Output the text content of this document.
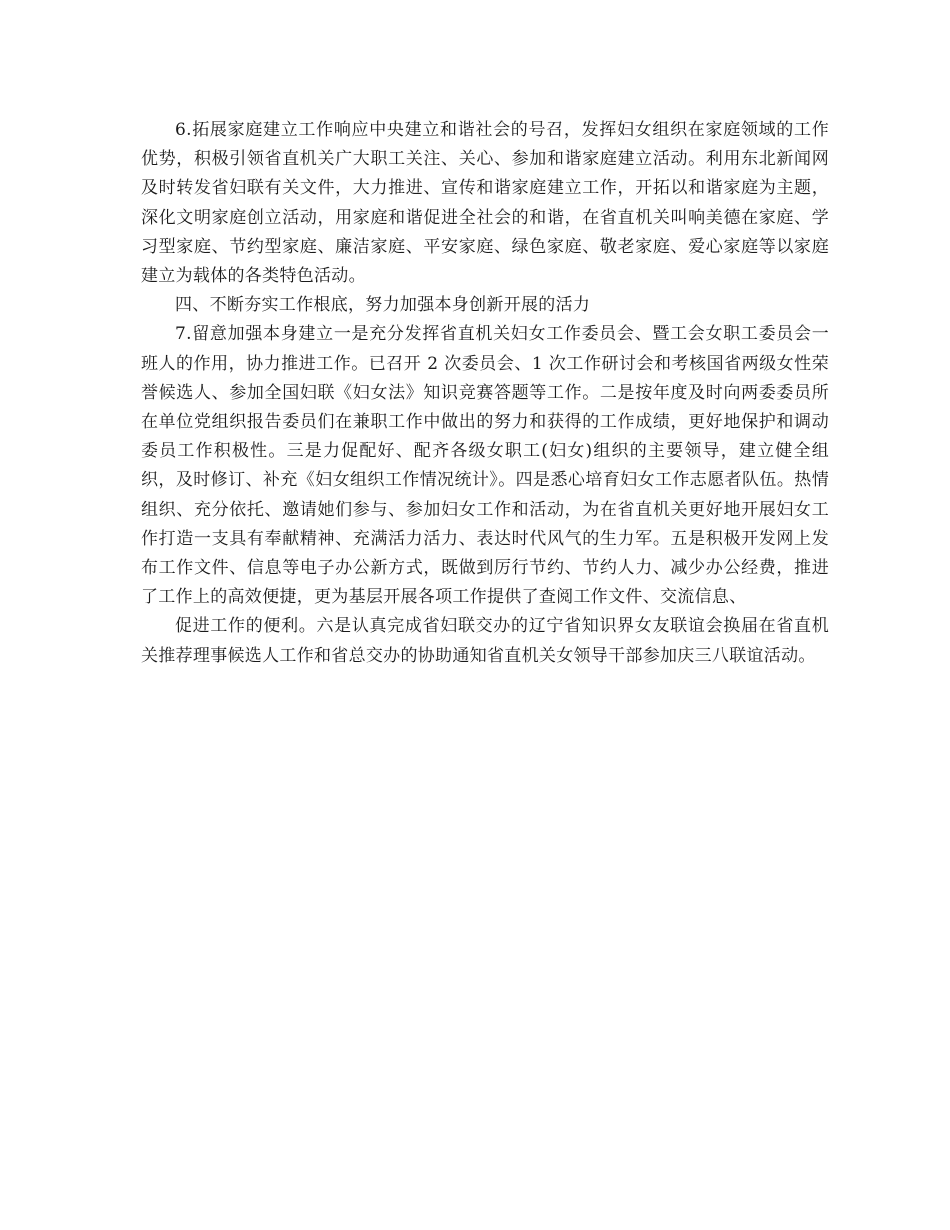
6.拓展家庭建立工作响应中央建立和谐社会的号召，发挥妇女组织在家庭领域的工作优势，积极引领省直机关广大职工关注、关心、参加和谐家庭建立活动。利用东北新闻网及时转发省妇联有关文件，大力推进、宣传和谐家庭建立工作，开拓以和谐家庭为主题，深化文明家庭创立活动，用家庭和谐促进全社会的和谐，在省直机关叫响美德在家庭、学习型家庭、节约型家庭、廉洁家庭、平安家庭、绿色家庭、敬老家庭、爱心家庭等以家庭建立为载体的各类特色活动。

四、不断夯实工作根底，努力加强本身创新开展的活力

7.留意加强本身建立一是充分发挥省直机关妇女工作委员会、暨工会女职工委员会一班人的作用，协力推进工作。已召开 2 次委员会、1 次工作研讨会和考核国省两级女性荣誉候选人、参加全国妇联《妇女法》知识竞赛答题等工作。二是按年度及时向两委委员所在单位党组织报告委员们在兼职工作中做出的努力和获得的工作成绩，更好地保护和调动委员工作积极性。三是力促配好、配齐各级女职工(妇女)组织的主要领导，建立健全组织，及时修订、补充《妇女组织工作情况统计》。四是悉心培育妇女工作志愿者队伍。热情组织、充分依托、邀请她们参与、参加妇女工作和活动，为在省直机关更好地开展妇女工作打造一支具有奉献精神、充满活力活力、表达时代风气的生力军。五是积极开发网上发布工作文件、信息等电子办公新方式，既做到厉行节约、节约人力、减少办公经费，推进了工作上的高效便捷，更为基层开展各项工作提供了查阅工作文件、交流信息、

促进工作的便利。六是认真完成省妇联交办的辽宁省知识界女友联谊会换届在省直机关推荐理事候选人工作和省总交办的协助通知省直机关女领导干部参加庆三八联谊活动。
